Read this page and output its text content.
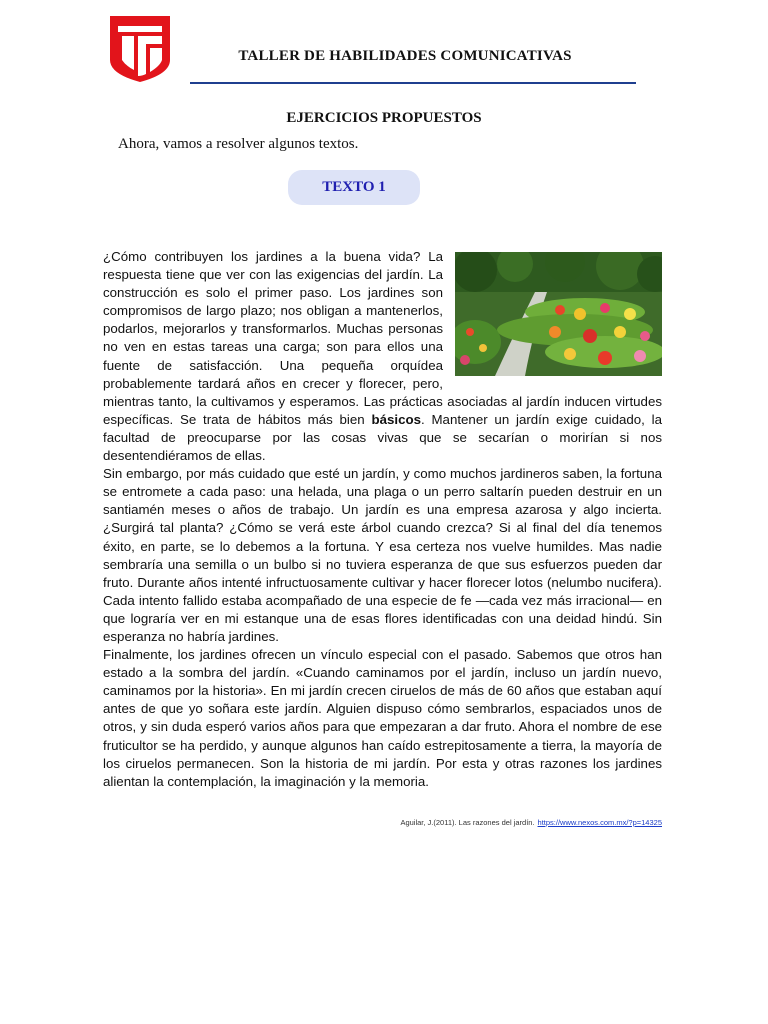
TALLER DE HABILIDADES COMUNICATIVAS
EJERCICIOS PROPUESTOS
Ahora, vamos a resolver algunos textos.
TEXTO 1

¿Cómo contribuyen los jardines a la buena vida? La respuesta tiene que ver con las exigencias del jardín. La construcción es solo el primer paso. Los jardines son compromisos de largo plazo; nos obligan a mantenerlos, podarlos, mejorarlos y transformarlos. Muchas personas no ven en estas tareas una carga; son para ellos una fuente de satisfacción. Una pequeña orquídea probablemente tardará años en crecer y florecer, pero, mientras tanto, la cultivamos y esperamos. Las prácticas asociadas al jardín inducen virtudes específicas. Se trata de hábitos más bien básicos. Mantener un jardín exige cuidado, la facultad de preocuparse por las cosas vivas que se secarían o morirían si nos desentendiéramos de ellas.

Sin embargo, por más cuidado que esté un jardín, y como muchos jardineros saben, la fortuna se entromete a cada paso: una helada, una plaga o un perro saltarín pueden destruir en un santiamén meses o años de trabajo. Un jardín es una empresa azarosa y algo incierta. ¿Surgirá tal planta? ¿Cómo se verá este árbol cuando crezca? Si al final del día tenemos éxito, en parte, se lo debemos a la fortuna. Y esa certeza nos vuelve humildes. Mas nadie sembraría una semilla o un bulbo si no tuviera esperanza de que sus esfuerzos pueden dar fruto. Durante años intenté infructuosamente cultivar y hacer florecer lotos (nelumbo nucifera). Cada intento fallido estaba acompañado de una especie de fe —cada vez más irracional— en que lograría ver en mi estanque una de esas flores identificadas con una deidad hindú. Sin esperanza no habría jardines.

Finalmente, los jardines ofrecen un vínculo especial con el pasado. Sabemos que otros han estado a la sombra del jardín. «Cuando caminamos por el jardín, incluso un jardín nuevo, caminamos por la historia». En mi jardín crecen ciruelos de más de 60 años que estaban aquí antes de que yo soñara este jardín. Alguien dispuso cómo sembrarlos, espaciados unos de otros, y sin duda esperó varios años para que empezaran a dar fruto. Ahora el nombre de ese fruticultor se ha perdido, y aunque algunos han caído estrepitosamente a tierra, la mayoría de los ciruelos permanecen. Son la historia de mi jardín. Por esta y otras razones los jardines alientan la contemplación, la imaginación y la memoria.

Aguilar, J.(2011). Las razones del jardín. https://www.nexos.com.mx/?p=14325
